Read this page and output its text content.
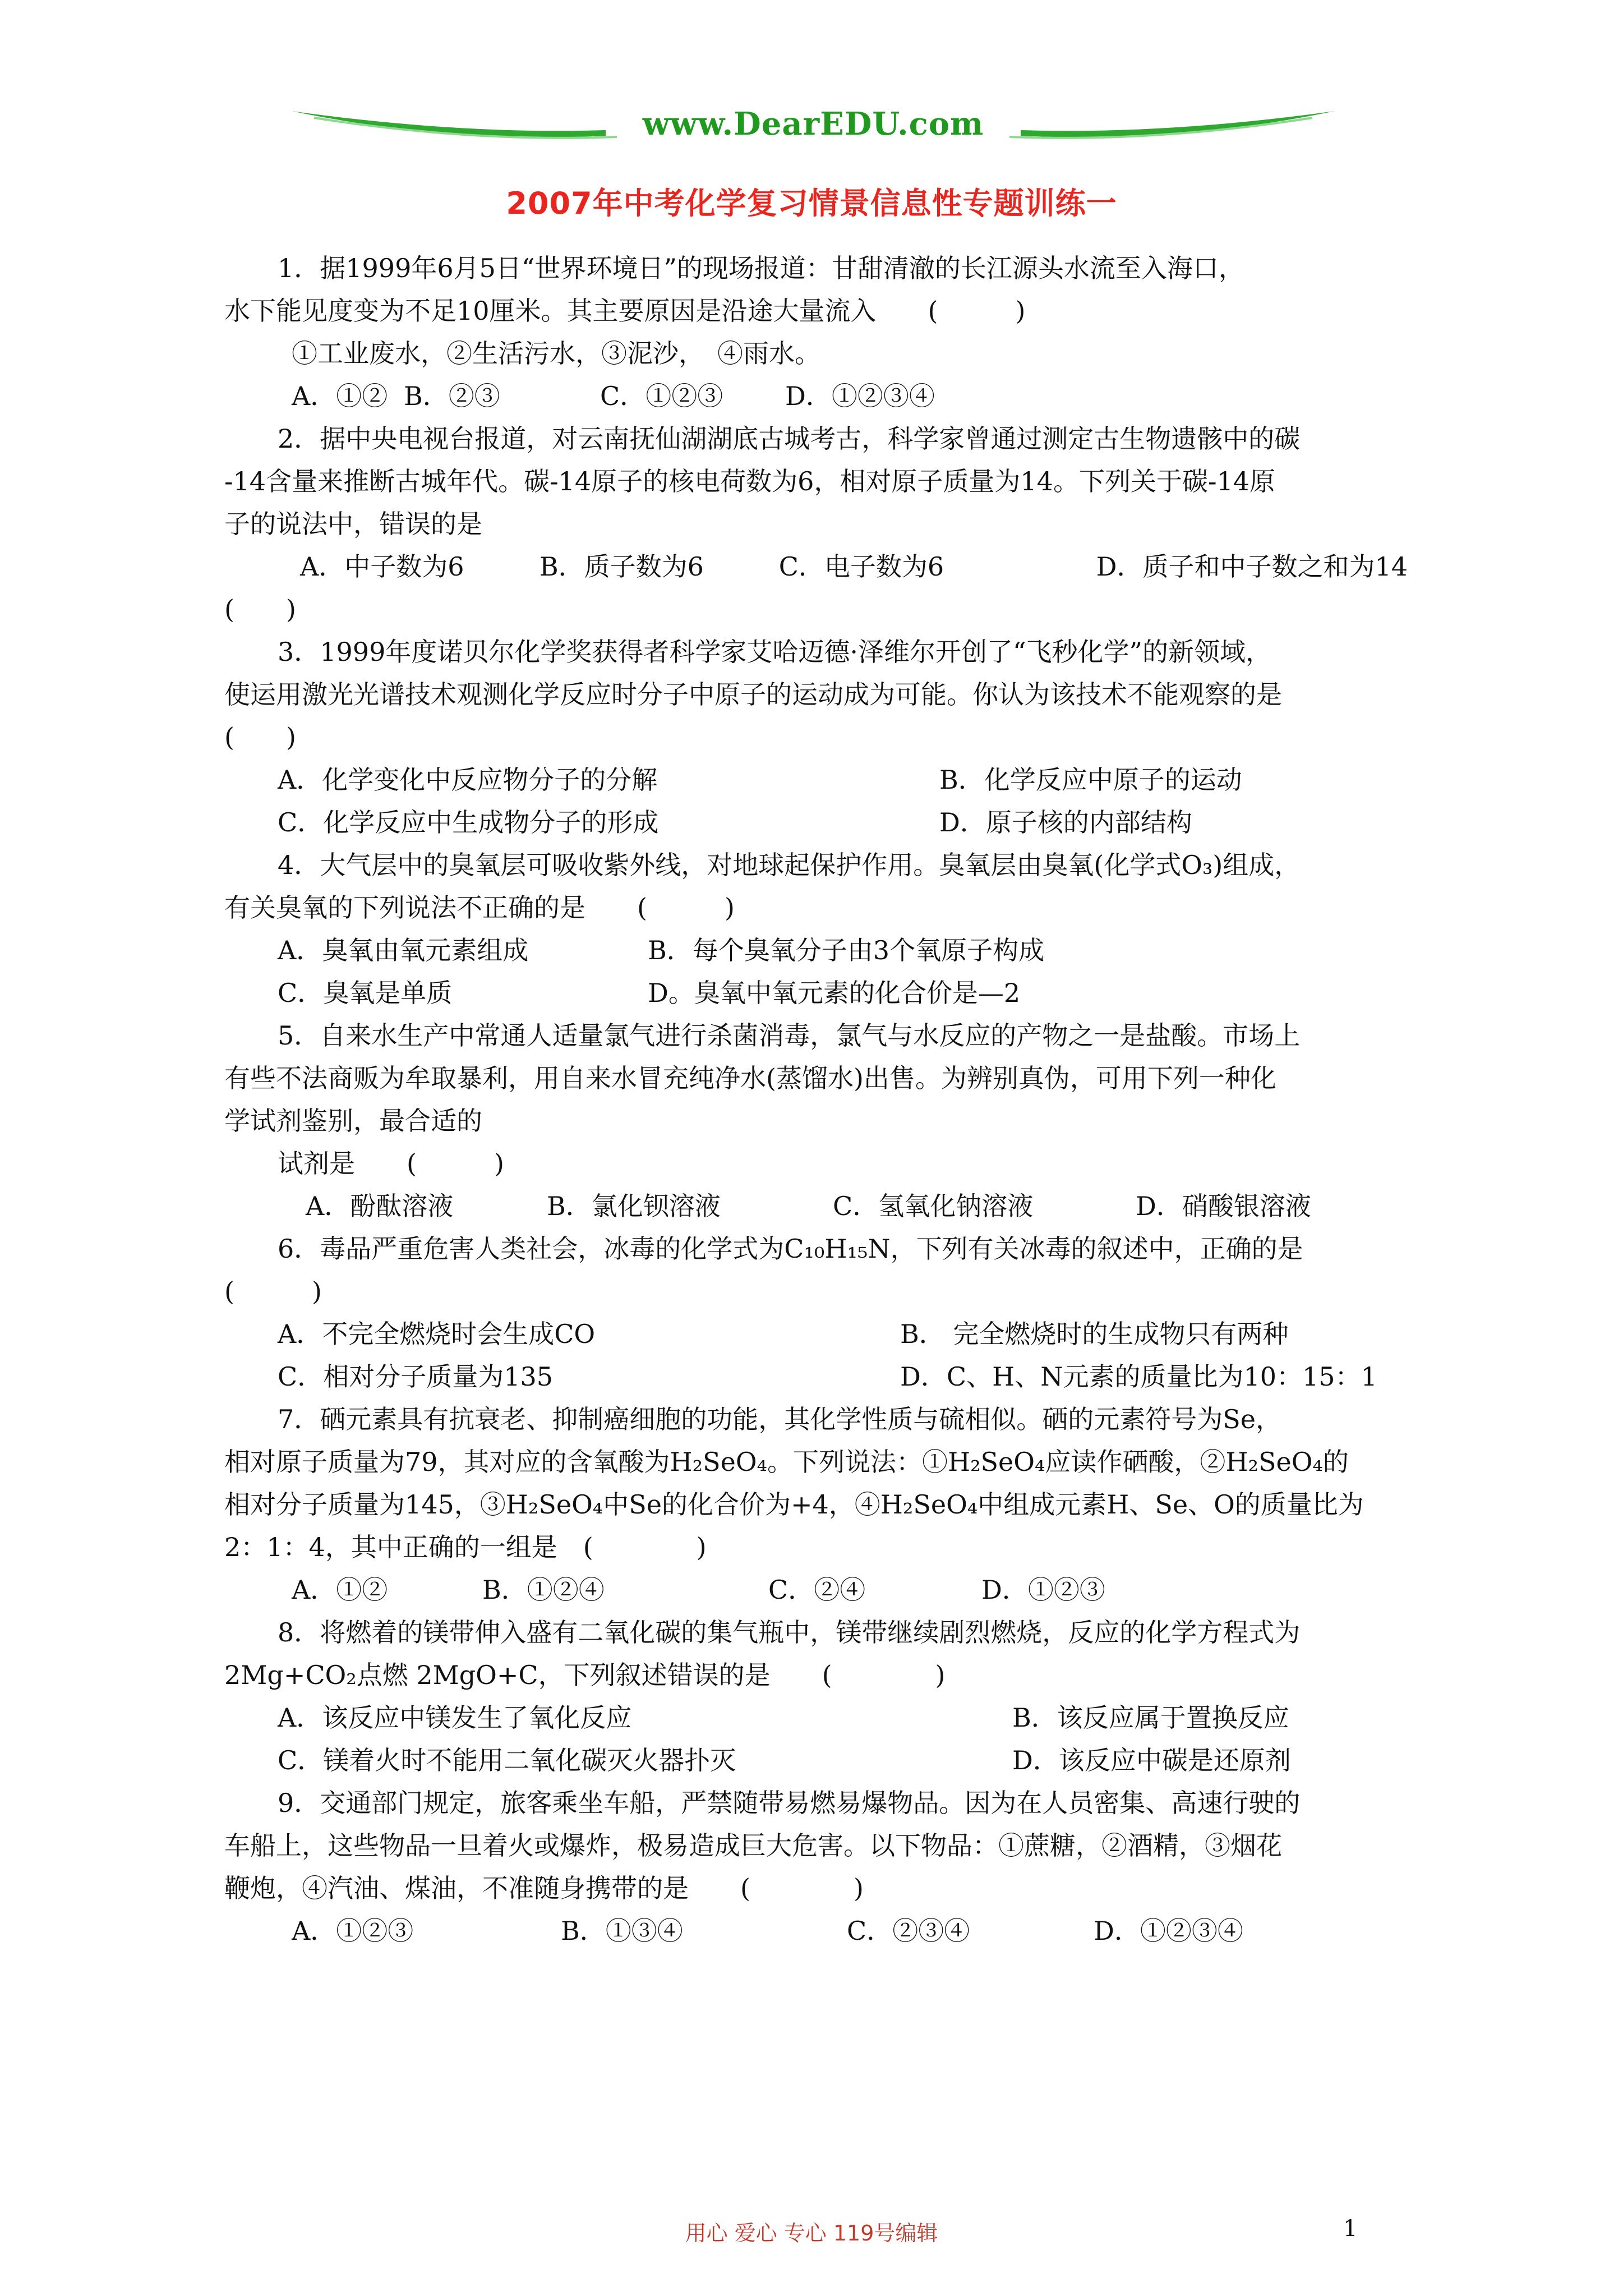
www.DearEDU.com
2007年中考化学复习情景信息性专题训练一
1．据1999年6月5日“世界环境日”的现场报道：甘甜清澈的长江源头水流至入海口，
水下能见度变为不足10厘米。其主要原因是沿途大量流入　　(　　　)
①工业废水，②生活污水，③泥沙，　④雨水。
A．①② B．②③	C．①②③	D．①②③④
2．据中央电视台报道，对云南抚仙湖湖底古城考古，科学家曾通过测定古生物遗骸中的碳
-14含量来推断古城年代。碳-14原子的核电荷数为6，相对原子质量为14。下列关于碳-14原
子的说法中，错误的是
A．中子数为6	B．质子数为6	C．电子数为6	D．质子和中子数之和为14
(　　)
3．1999年度诺贝尔化学奖获得者科学家艾哈迈德·泽维尔开创了“飞秒化学”的新领域，
使运用激光光谱技术观测化学反应时分子中原子的运动成为可能。你认为该技术不能观察的是
(　　)
A．化学变化中反应物分子的分解	B．化学反应中原子的运动
C．化学反应中生成物分子的形成	D．原子核的内部结构
4．大气层中的臭氧层可吸收紫外线，对地球起保护作用。臭氧层由臭氧(化学式O₃)组成，
有关臭氧的下列说法不正确的是　　(　　　)
A．臭氧由氧元素组成	B．每个臭氧分子由3个氧原子构成
C．臭氧是单质	D。臭氧中氧元素的化合价是—2
5．自来水生产中常通人适量氯气进行杀菌消毒，氯气与水反应的产物之一是盐酸。市场上
有些不法商贩为牟取暴利，用自来水冒充纯净水(蒸馏水)出售。为辨别真伪，可用下列一种化
学试剂鉴别，最合适的
试剂是　　(　　　)
A．酚酞溶液	B．氯化钡溶液	C．氢氧化钠溶液	D．硝酸银溶液
6．毒品严重危害人类社会，冰毒的化学式为C₁₀H₁₅N，下列有关冰毒的叙述中，正确的是
(　　　)
A．不完全燃烧时会生成CO	B． 完全燃烧时的生成物只有两种
C．相对分子质量为135	D．C、H、N元素的质量比为10：15：1
7．硒元素具有抗衰老、抑制癌细胞的功能，其化学性质与硫相似。硒的元素符号为Se，
相对原子质量为79，其对应的含氧酸为H₂SeO₄。下列说法：①H₂SeO₄应读作硒酸，②H₂SeO₄的
相对分子质量为145，③H₂SeO₄中Se的化合价为+4，④H₂SeO₄中组成元素H、Se、O的质量比为
2：1：4，其中正确的一组是　(　　　　)
A．①②	B．①②④	C．②④	D．①②③
8．将燃着的镁带伸入盛有二氧化碳的集气瓶中，镁带继续剧烈燃烧，反应的化学方程式为
2Mg+CO₂点燃 2MgO+C，下列叙述错误的是　　(　　　　)
A．该反应中镁发生了氧化反应	B．该反应属于置换反应
C．镁着火时不能用二氧化碳灭火器扑灭	D．该反应中碳是还原剂
9．交通部门规定，旅客乘坐车船，严禁随带易燃易爆物品。因为在人员密集、高速行驶的
车船上，这些物品一旦着火或爆炸，极易造成巨大危害。以下物品：①蔗糖，②酒精，③烟花
鞭炮，④汽油、煤油，不准随身携带的是　　(　　　　)
A．①②③	B．①③④	C．②③④	D．①②③④
用心 爱心 专心 119号编辑	1
